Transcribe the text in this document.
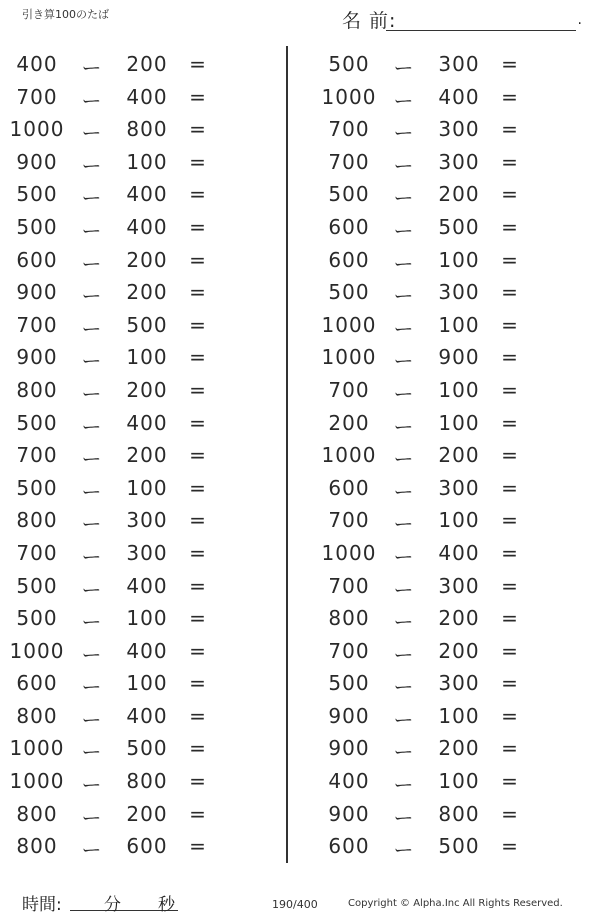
引き算100のたば	名 前:	.
400	ー	200	=
700	ー	400	=
1000 ー	800	=
900	ー	100	=
500	ー	400	=
500	ー	400	=
600	ー	200	=
900	ー	200	=
700	ー	500	=
900	ー	100	=
800	ー	200	=
500	ー	400	=
700	ー	200	=
500	ー	100	=
800	ー	300	=
700	ー	300	=
500	ー	400	=
500	ー	100	=
1000 ー	400	=
600	ー	100	=
800	ー	400	=
1000 ー	500	=
1000 ー	800	=
800	ー	200	=
800	ー	600	=
500	ー	300	=
1000 ー	400	=
700	ー	300	=
700	ー	300	=
500	ー	200	=
600	ー	500	=
600	ー	100	=
500	ー	300	=
1000 ー	100	=
1000 ー	900	=
700	ー	100	=
200	ー	100	=
1000 ー	200	=
600	ー	300	=
700	ー	100	=
1000 ー	400	=
700	ー	300	=
800	ー	200	=
700	ー	200	=
500	ー	300	=
900	ー	100	=
900	ー	200	=
400	ー	100	=
900	ー	800	=
600	ー	500	=
時間: 分 秒	190/400	Copyright © Alpha.Inc All Rights Reserved.
